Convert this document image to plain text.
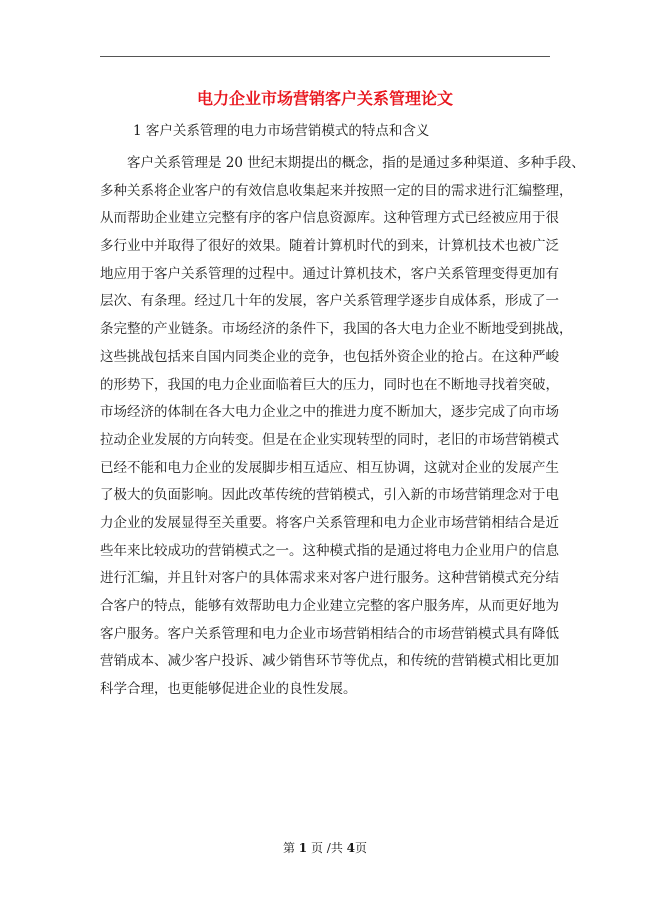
电力企业市场营销客户关系管理论文
1 客户关系管理的电力市场营销模式的特点和含义
客户关系管理是 20 世纪末期提出的概念，指的是通过多种渠道、多种手段、
多种关系将企业客户的有效信息收集起来并按照一定的目的需求进行汇编整理，
从而帮助企业建立完整有序的客户信息资源库。这种管理方式已经被应用于很
多行业中并取得了很好的效果。随着计算机时代的到来，计算机技术也被广泛
地应用于客户关系管理的过程中。通过计算机技术，客户关系管理变得更加有
层次、有条理。经过几十年的发展，客户关系管理学逐步自成体系，形成了一
条完整的产业链条。市场经济的条件下，我国的各大电力企业不断地受到挑战，
这些挑战包括来自国内同类企业的竞争，也包括外资企业的抢占。在这种严峻
的形势下，我国的电力企业面临着巨大的压力，同时也在不断地寻找着突破，
市场经济的体制在各大电力企业之中的推进力度不断加大，逐步完成了向市场
拉动企业发展的方向转变。但是在企业实现转型的同时，老旧的市场营销模式
已经不能和电力企业的发展脚步相互适应、相互协调，这就对企业的发展产生
了极大的负面影响。因此改革传统的营销模式，引入新的市场营销理念对于电
力企业的发展显得至关重要。将客户关系管理和电力企业市场营销相结合是近
些年来比较成功的营销模式之一。这种模式指的是通过将电力企业用户的信息
进行汇编，并且针对客户的具体需求来对客户进行服务。这种营销模式充分结
合客户的特点，能够有效帮助电力企业建立完整的客户服务库，从而更好地为
客户服务。客户关系管理和电力企业市场营销相结合的市场营销模式具有降低
营销成本、减少客户投诉、减少销售环节等优点，和传统的营销模式相比更加
科学合理，也更能够促进企业的良性发展。
第 1 页 /共 4页
